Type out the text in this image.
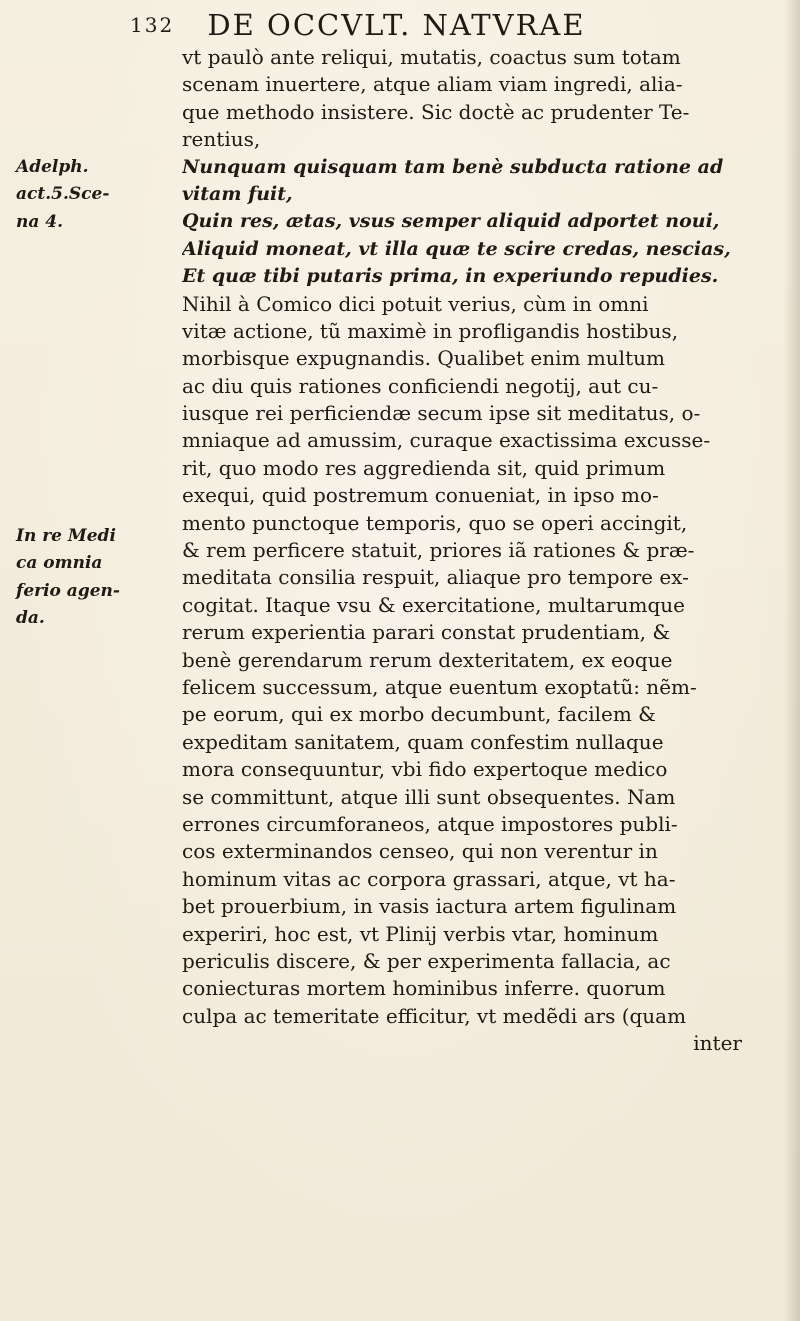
132 DE OCCVLT. NATVRAE
Adelph.
act.5.Sce-
na 4.
In re Medi
ca omnia
ferio agen-
da.
vt paulò ante reliqui, mutatis, coactus sum totam
scenam inuertere, atque aliam viam ingredi, alia-
que methodo insistere. Sic doctè ac prudenter Te-
rentius,
Nunquam quisquam tam benè subducta ratione ad
vitam fuit,
Quin res, ætas, vsus semper aliquid adportet noui,
Aliquid moneat, vt illa quæ te scire credas, nescias,
Et quæ tibi putaris prima, in experiundo repudies.
Nihil à Comico dici potuit verius, cùm in omni
vitæ actione, tũ maximè in profligandis hostibus,
morbisque expugnandis. Qualibet enim multum
ac diu quis rationes conficiendi negotij, aut cu-
iusque rei perficiendæ secum ipse sit meditatus, o-
mniaque ad amussim, curaque exactissima excusse-
rit, quo modo res aggredienda sit, quid primum
exequi, quid postremum conueniat, in ipso mo-
mento punctoque temporis, quo se operi accingit,
& rem perficere statuit, priores iã rationes & præ-
meditata consilia respuit, aliaque pro tempore ex-
cogitat. Itaque vsu & exercitatione, multarumque
rerum experientia parari constat prudentiam, &
benè gerendarum rerum dexteritatem, ex eoque
felicem successum, atque euentum exoptatũ: nẽm-
pe eorum, qui ex morbo decumbunt, facilem &
expeditam sanitatem, quam confestim nullaque
mora consequuntur, vbi fido expertoque medico
se committunt, atque illi sunt obsequentes. Nam
errones circumforaneos, atque impostores publi-
cos exterminandos censeo, qui non verentur in
hominum vitas ac corpora grassari, atque, vt ha-
bet prouerbium, in vasis iactura artem figulinam
experiri, hoc est, vt Plinij verbis vtar, hominum
periculis discere, & per experimenta fallacia, ac
coniecturas mortem hominibus inferre. quorum
culpa ac temeritate efficitur, vt medẽdi ars (quam
inter
